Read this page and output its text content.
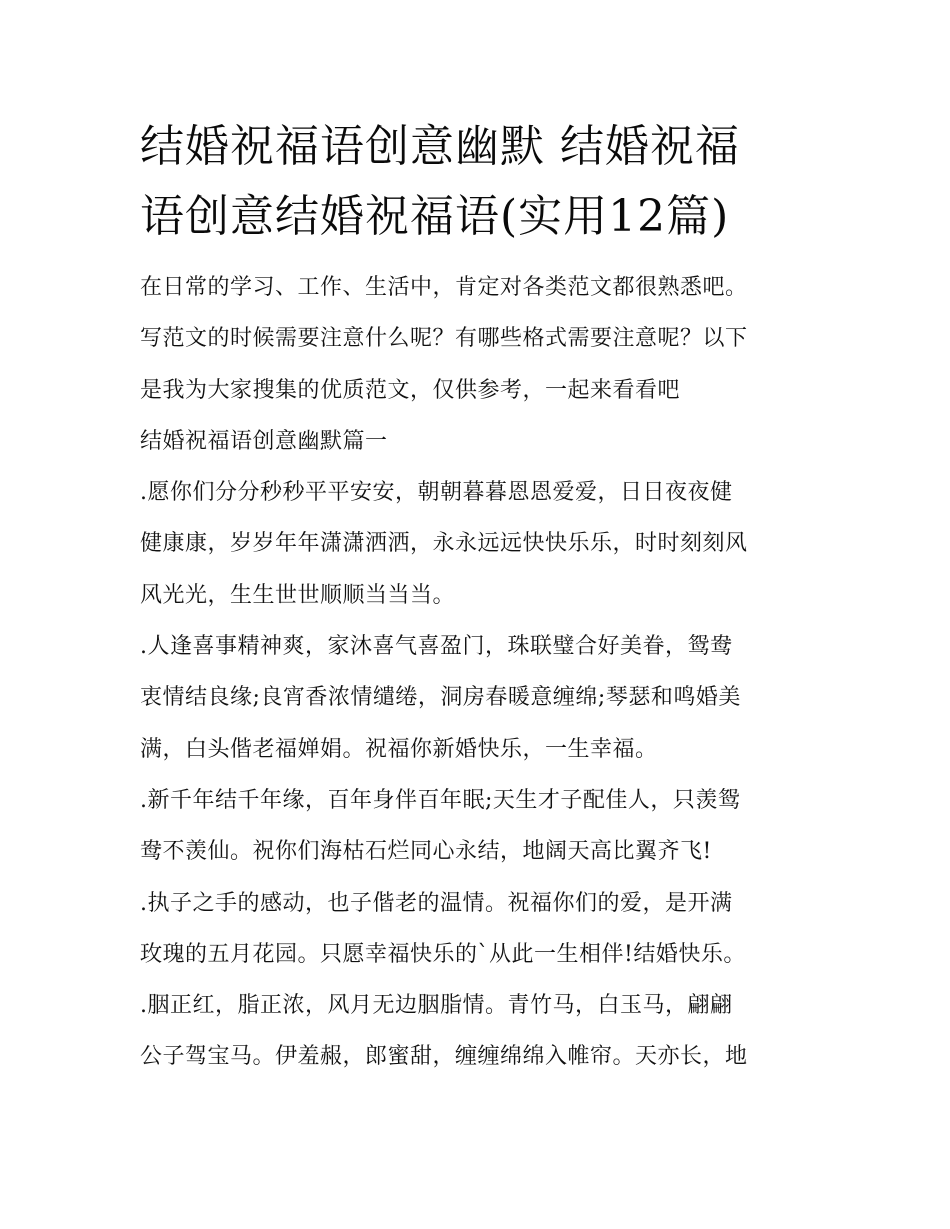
结婚祝福语创意幽默 结婚祝福
语创意结婚祝福语(实用12篇)
在日常的学习、工作、生活中，肯定对各类范文都很熟悉吧。
写范文的时候需要注意什么呢？有哪些格式需要注意呢？以下
是我为大家搜集的优质范文，仅供参考，一起来看看吧
结婚祝福语创意幽默篇一
.愿你们分分秒秒平平安安，朝朝暮暮恩恩爱爱，日日夜夜健
健康康，岁岁年年潇潇洒洒，永永远远快快乐乐，时时刻刻风
风光光，生生世世顺顺当当当。
.人逢喜事精神爽，家沐喜气喜盈门，珠联璧合好美眷，鸳鸯
衷情结良缘;良宵香浓情缱绻，洞房春暖意缠绵;琴瑟和鸣婚美
满，白头偕老福婵娟。祝福你新婚快乐，一生幸福。
.新千年结千年缘，百年身伴百年眠;天生才子配佳人，只羡鸳
鸯不羡仙。祝你们海枯石烂同心永结，地阔天高比翼齐飞!
.执子之手的感动，也子偕老的温情。祝福你们的爱，是开满
玫瑰的五月花园。只愿幸福快乐的`从此一生相伴!结婚快乐。
.胭正红，脂正浓，风月无边胭脂情。青竹马，白玉马，翩翩
公子驾宝马。伊羞赧，郎蜜甜，缠缠绵绵入帷帘。天亦长，地
